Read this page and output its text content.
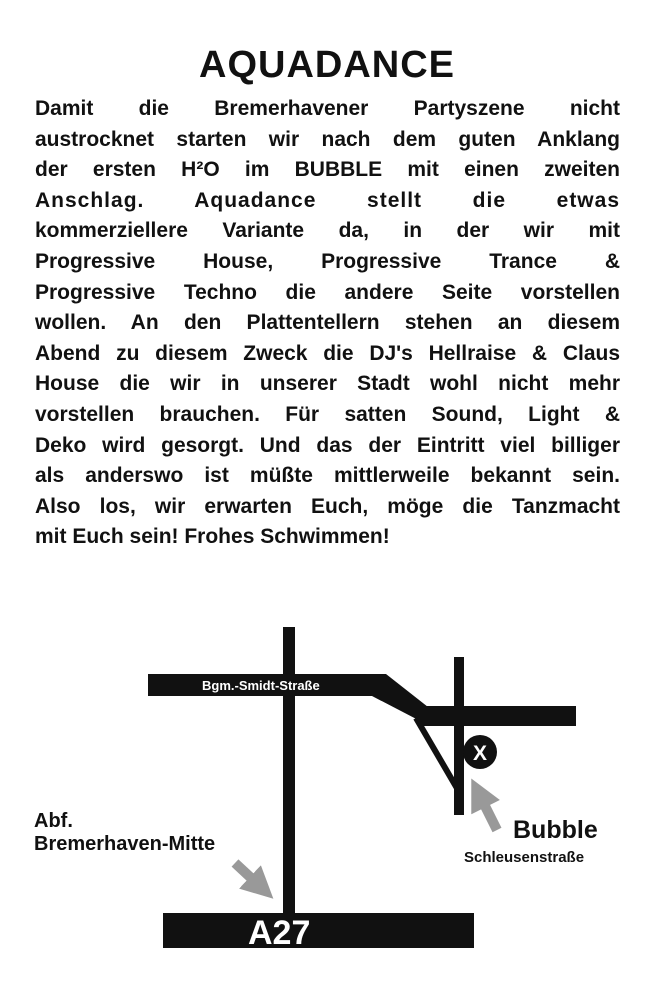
AQUADANCE
Damit die Bremerhavener Partyszene nicht
austrocknet starten wir nach dem guten Anklang
der ersten H²O im BUBBLE mit einen zweiten
Anschlag. Aquadance stellt die etwas
kommerziellere Variante da, in der wir mit
Progressive House, Progressive Trance &
Progressive Techno die andere Seite vorstellen
wollen. An den Plattentellern stehen an diesem
Abend zu diesem Zweck die DJ's Hellraise & Claus
House die wir in unserer Stadt wohl nicht mehr
vorstellen brauchen. Für satten Sound, Light &
Deko wird gesorgt. Und das der Eintritt viel billiger
als anderswo ist müßte mittlerweile bekannt sein.
Also los, wir erwarten Euch, möge die Tanzmacht
mit Euch sein! Frohes Schwimmen!
A27
Bgm.-Smidt-Straße
X
Abf.
Bremerhaven-Mitte	Bubble
Schleusenstraße
